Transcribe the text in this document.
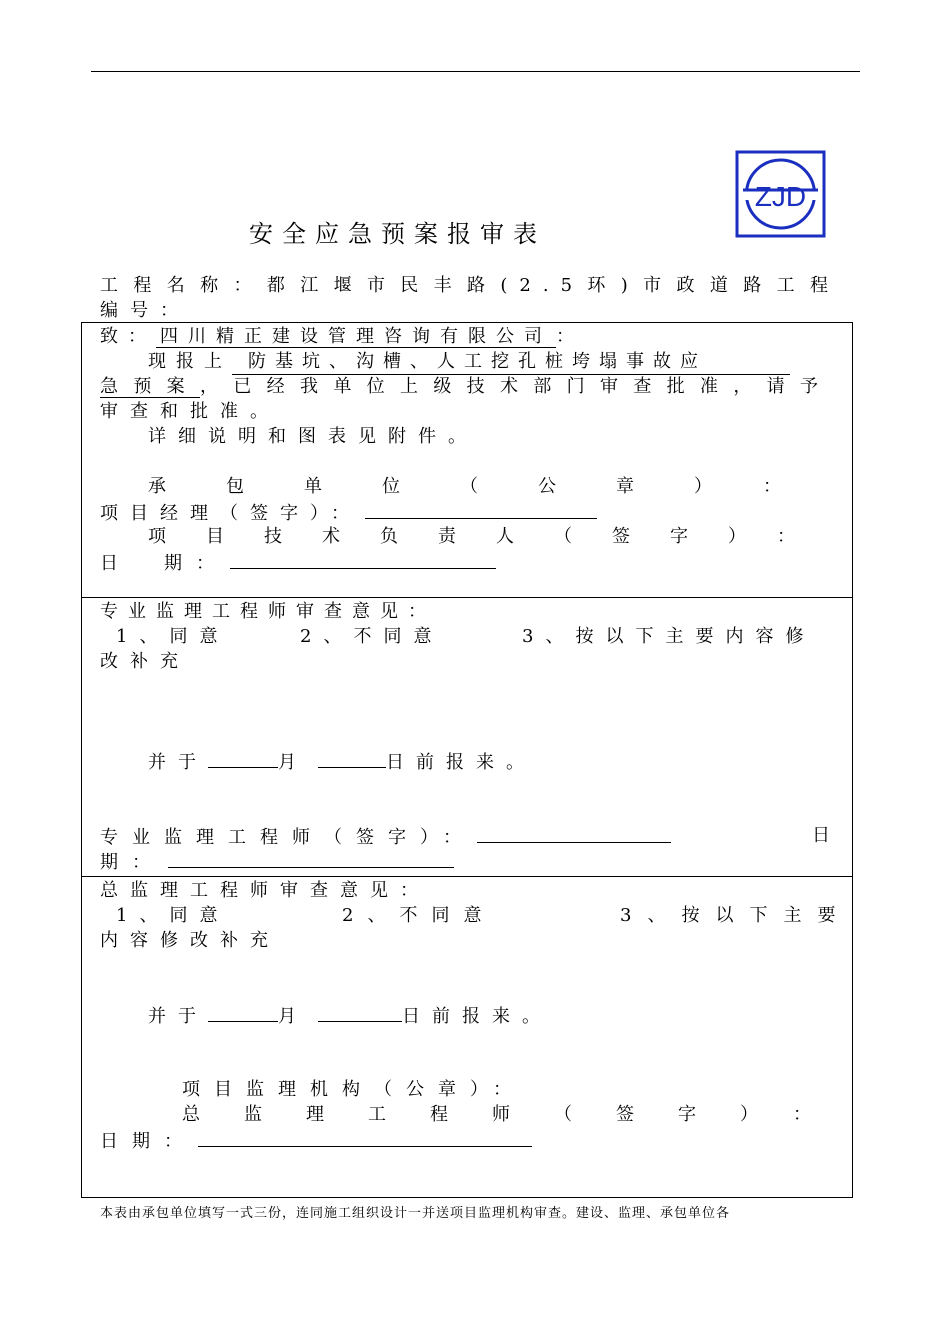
ZJD
安全应急预案报审表
工程名称：都江堰市民丰路(2.5环)市政道路工程
编号：
致： 四川精正建设管理咨询有限公司 ：
现报上 防基坑、沟槽、人工挖孔桩垮塌事故应
急预案，已经我单位上级技术部门审查批准，请予
审查和批准。
详细说明和图表见附件。
承包单位（公章）：
项目经理（签字）：
项目技术负责人（签字）：
日　期：
专业监理工程师审查意见：
1、同意	2、不同意	3、按以下主要内容修
改补充
并于	月	日前报来。
专业监理工程师（签字）：	日
期：
总监理工程师审查意见：
1、同意	2、不同意	3、按以下主要
内容修改补充
并于	月	日前报来。
项目监理机构（公章）：
总监理工程师（签字）：
日期：
本表由承包单位填写一式三份，连同施工组织设计一并送项目监理机构审查。建设、监理、承包单位各
